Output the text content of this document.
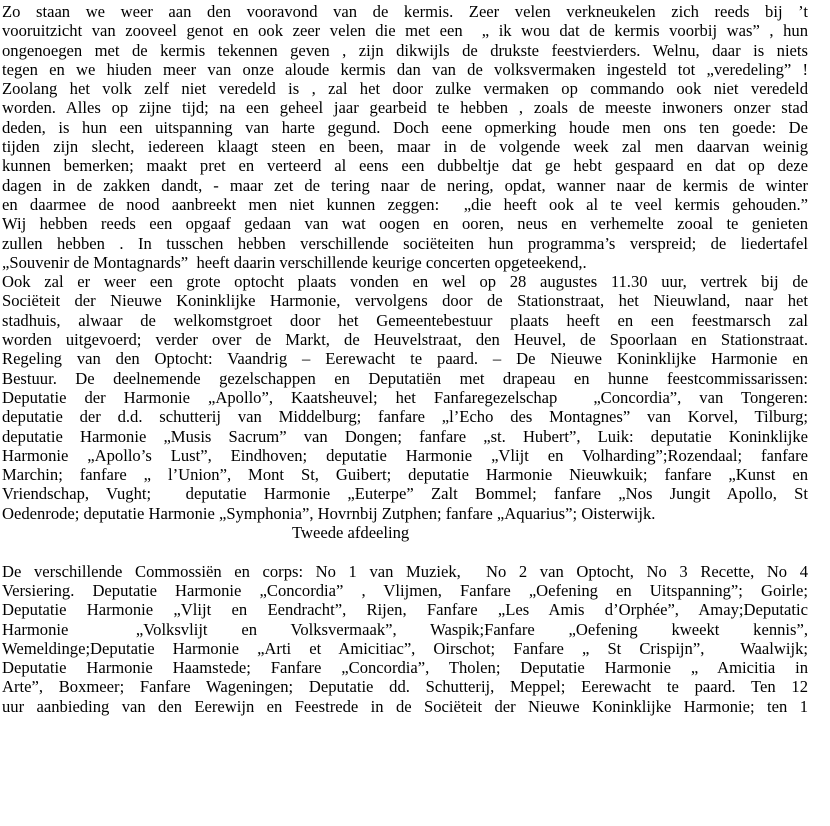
Zo staan we weer aan den vooravond van de kermis. Zeer velen verkneukelen zich reeds bij ’t
vooruitzicht van zooveel genot en ook zeer velen die met een  „ ik wou dat de kermis voorbij was” , hun
ongenoegen met de kermis tekennen geven , zijn dikwijls de drukste feestvierders. Welnu, daar is niets
tegen en we hiuden meer van onze aloude kermis dan van de volksvermaken ingesteld tot „veredeling” !
Zoolang het volk zelf niet veredeld is , zal het door zulke vermaken op commando ook niet veredeld
worden. Alles op zijne tijd; na een geheel jaar gearbeid te hebben , zoals de meeste inwoners onzer stad
deden, is hun een uitspanning van harte gegund. Doch eene opmerking houde men ons ten goede: De
tijden zijn slecht, iedereen klaagt steen en been, maar in de volgende week zal men daarvan weinig
kunnen bemerken; maakt pret en verteerd al eens een dubbeltje dat ge hebt gespaard en dat op deze
dagen in de zakken dandt, - maar zet de tering naar de nering, opdat, wanner naar de kermis de winter
en daarmee de nood aanbreekt men niet kunnen zeggen:  „die heeft ook al te veel kermis gehouden.”
Wij hebben reeds een opgaaf gedaan van wat oogen en ooren, neus en verhemelte zooal te genieten
zullen hebben . In tusschen hebben verschillende sociëteiten hun programma’s verspreid; de liedertafel
„Souvenir de Montagnards”  heeft daarin verschillende keurige concerten opgeteekend,.
Ook zal er weer een grote optocht plaats vonden en wel op 28 augustes 11.30 uur, vertrek bij de
Sociëteit der Nieuwe Koninklijke Harmonie, vervolgens door de Stationstraat, het Nieuwland, naar het
stadhuis, alwaar de welkomstgroet door het Gemeentebestuur plaats heeft en een feestmarsch zal
worden uitgevoerd; verder over de Markt, de Heuvelstraat, den Heuvel, de Spoorlaan en Stationstraat.
Regeling van den Optocht: Vaandrig – Eerewacht te paard. – De Nieuwe Koninklijke Harmonie en
Bestuur. De deelnemende gezelschappen en Deputatiën met drapeau en hunne feestcommissarissen:
Deputatie der Harmonie „Apollo”, Kaatsheuvel; het Fanfaregezelschap  „Concordia”, van Tongeren:
deputatie der d.d. schutterij van Middelburg; fanfare „l’Echo des Montagnes” van Korvel, Tilburg;
deputatie Harmonie „Musis Sacrum” van Dongen; fanfare „st. Hubert”, Luik: deputatie Koninklijke
Harmonie „Apollo’s Lust”, Eindhoven; deputatie Harmonie „Vlijt en Volharding”;Rozendaal; fanfare
Marchin; fanfare „ l’Union”, Mont St, Guibert; deputatie Harmonie Nieuwkuik; fanfare „Kunst en
Vriendschap, Vught;  deputatie Harmonie „Euterpe” Zalt Bommel; fanfare „Nos Jungit Apollo, St
Oedenrode; deputatie Harmonie „Symphonia”, Hovrnbij Zutphen; fanfare „Aquarius”; Oisterwijk.
Tweede afdeeling
De verschillende Commossiën en corps: No 1 van Muziek,  No 2 van Optocht, No 3 Recette, No 4
Versiering. Deputatie Harmonie „Concordia” , Vlijmen, Fanfare „Oefening en Uitspanning”; Goirle;
Deputatie Harmonie „Vlijt en Eendracht”, Rijen, Fanfare „Les Amis d’Orphée”, Amay;Deputatic
Harmonie  „Volksvlijt en Volksvermaak”, Waspik;Fanfare „Oefening kweekt kennis”,
Wemeldinge;Deputatie Harmonie „Arti et Amicitiac”, Oirschot; Fanfare „ St Crispijn”,  Waalwijk;
Deputatie Harmonie Haamstede; Fanfare „Concordia”, Tholen; Deputatie Harmonie „ Amicitia in
Arte”, Boxmeer; Fanfare Wageningen; Deputatie dd. Schutterij, Meppel; Eerewacht te paard. Ten 12
uur aanbieding van den Eerewijn en Feestrede in de Sociëteit der Nieuwe Koninklijke Harmonie; ten 1
